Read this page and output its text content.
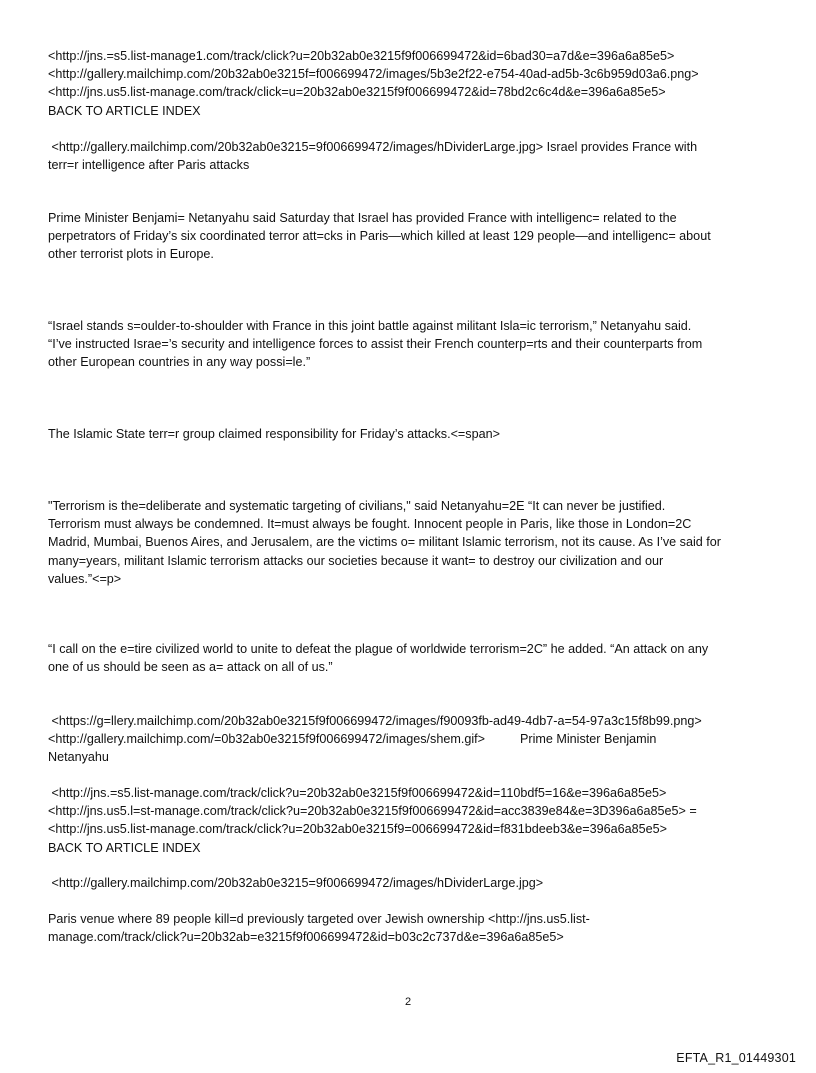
<http://jns.=s5.list-manage1.com/track/click?u=20b32ab0e3215f9f006699472&id=6bad30=a7d&e=396a6a85e5>
<http://gallery.mailchimp.com/20b32ab0e3215f=f006699472/images/5b3e2f22-e754-40ad-ad5b-3c6b959d03a6.png>
<http://jns.us5.list-manage.com/track/click=u=20b32ab0e3215f9f006699472&id=78bd2c6c4d&e=396a6a85e5>
BACK TO ARTICLE INDEX
<http://gallery.mailchimp.com/20b32ab0e3215=9f006699472/images/hDividerLarge.jpg> Israel provides France with
terr=r intelligence after Paris attacks
Prime Minister Benjami= Netanyahu said Saturday that Israel has provided France with intelligenc= related to the
perpetrators of Friday’s six coordinated terror att=cks in Paris—which killed at least 129 people—and intelligenc= about
other terrorist plots in Europe.
“Israel stands s=oulder-to-shoulder with France in this joint battle against militant Isla=ic terrorism,” Netanyahu said.
“I’ve instructed Israe=’s security and intelligence forces to assist their French counterp=rts and their counterparts from
other European countries in any way possi=le.”
The Islamic State terr=r group claimed responsibility for Friday’s attacks.<=span>
"Terrorism is the=deliberate and systematic targeting of civilians," said Netanyahu=2E “It can never be justified.
Terrorism must always be condemned. It=must always be fought. Innocent people in Paris, like those in London=2C
Madrid, Mumbai, Buenos Aires, and Jerusalem, are the victims o= militant Islamic terrorism, not its cause. As I’ve said for
many=years, militant Islamic terrorism attacks our societies because it want= to destroy our civilization and our
values.”<=p>
“I call on the e=tire civilized world to unite to defeat the plague of worldwide terrorism=2C” he added. “An attack on any
one of us should be seen as a= attack on all of us.”
<https://g=llery.mailchimp.com/20b32ab0e3215f9f006699472/images/f90093fb-ad49-4db7-a=54-97a3c15f8b99.png>
<http://gallery.mailchimp.com/=0b32ab0e3215f9f006699472/images/shem.gif>          Prime Minister Benjamin
Netanyahu
<http://jns.=s5.list-manage.com/track/click?u=20b32ab0e3215f9f006699472&id=110bdf5=16&e=396a6a85e5>
<http://jns.us5.l=st-manage.com/track/click?u=20b32ab0e3215f9f006699472&id=acc3839e84&e=3D396a6a85e5> =
<http://jns.us5.list-manage.com/track/click?u=20b32ab0e3215f9=006699472&id=f831bdeeb3&e=396a6a85e5>
BACK TO ARTICLE INDEX
<http://gallery.mailchimp.com/20b32ab0e3215=9f006699472/images/hDividerLarge.jpg>
Paris venue where 89 people kill=d previously targeted over Jewish ownership <http://jns.us5.list-
manage.com/track/click?u=20b32ab=e3215f9f006699472&id=b03c2c737d&e=396a6a85e5>
2
EFTA_R1_01449301
